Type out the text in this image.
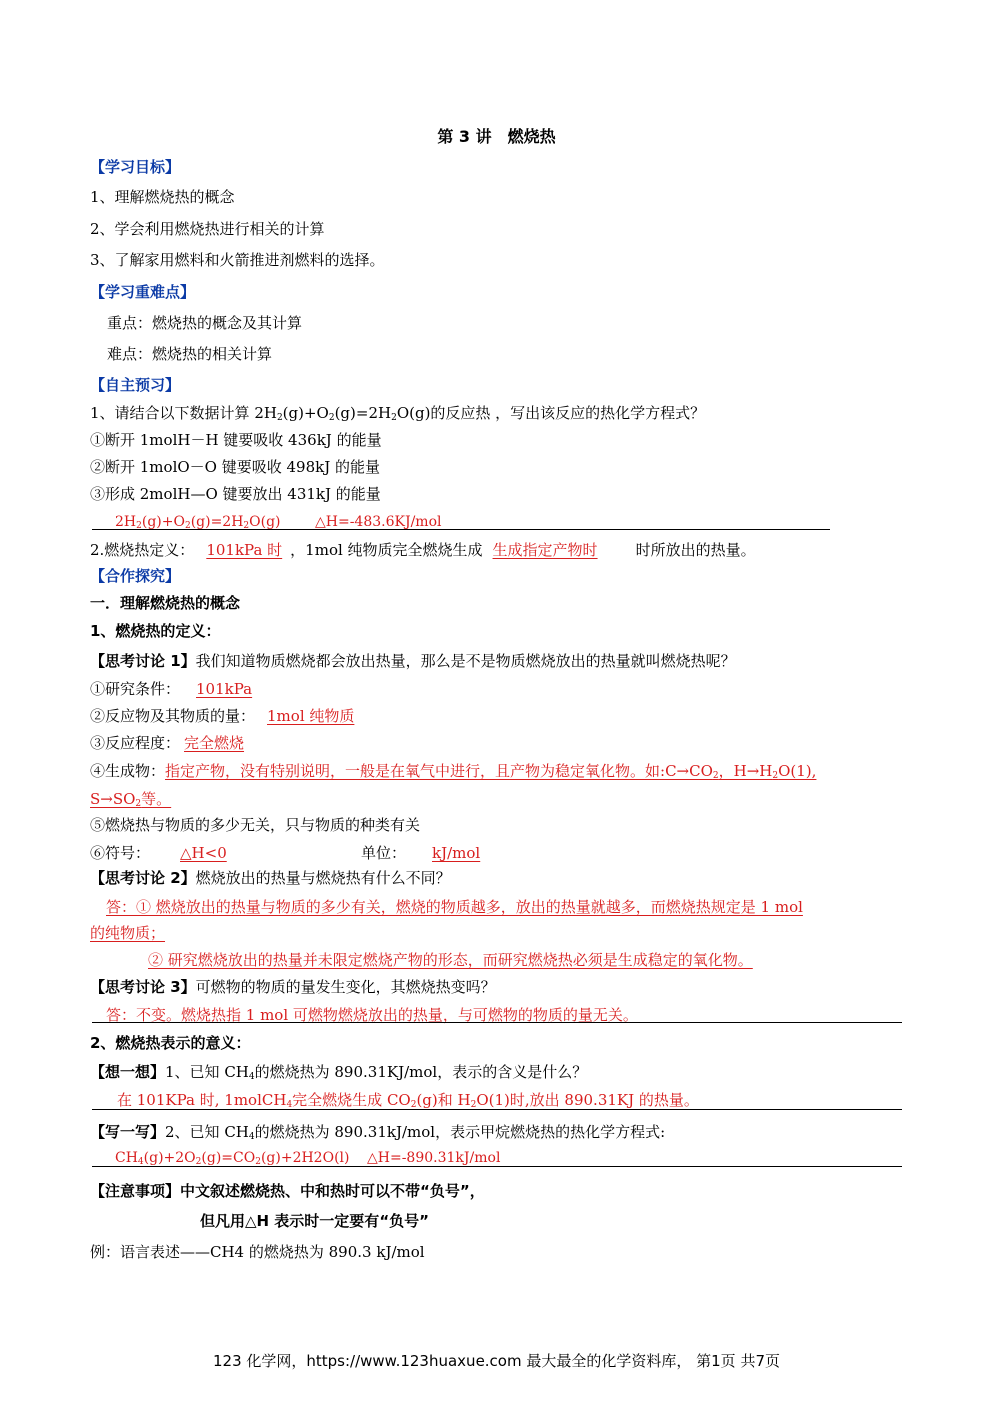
第 3 讲　燃烧热
【学习目标】
1、理解燃烧热的概念
2、学会利用燃烧热进行相关的计算
3、了解家用燃料和火箭推进剂燃料的选择。
【学习重难点】
重点：燃烧热的概念及其计算
难点：燃烧热的相关计算
【自主预习】
1、请结合以下数据计算 $2H_2(g)+O_2(g)=2H_2O(g)$的反应热 ，写出该反应的热化学方程式？
①断开 1molH－H 键要吸收 436kJ 的能量
②断开 1molO－O 键要吸收 498kJ 的能量
③形成 2molH—O 键要放出 431kJ 的能量
$2H_2(g)+O_2(g)=2H_2O(g)$ △H=-483.6KJ/mol
2.燃烧热定义： 101kPa 时 ，1mol 纯物质完全燃烧生成 生成指定产物时	时所放出的热量。
【合作探究】
一．理解燃烧热的概念
1、燃烧热的定义：
【思考讨论 1】我们知道物质燃烧都会放出热量，那么是不是物质燃烧放出的热量就叫燃烧热呢？
①研究条件： 101kPa
②反应物及其物质的量： 1mol 纯物质
③反应程度： 完全燃烧
④生成物：指定产物，没有特别说明，一般是在氧气中进行，且产物为稳定氧化物。如$:C\to CO_2$，$H\to H_2O(1)$,
$S\to SO_2$等。
⑤燃烧热与物质的多少无关，只与物质的种类有关
⑥符号： △H<0	单位： kJ/mol
【思考讨论 2】燃烧放出的热量与燃烧热有什么不同？
答：① 燃烧放出的热量与物质的多少有关，燃烧的物质越多，放出的热量就越多，而燃烧热规定是 1 mol
的纯物质；
② 研究燃烧放出的热量并未限定燃烧产物的形态，而研究燃烧热必须是生成稳定的氧化物。
【思考讨论 3】可燃物的物质的量发生变化，其燃烧热变吗？
答：不变。燃烧热指 1 mol 可燃物燃烧放出的热量，与可燃物的物质的量无关。
2、燃烧热表示的意义：
【想一想】1、已知 $CH_4$的燃烧热为 890.31KJ/mol，表示的含义是什么？
在 101KPa 时, 1molCH$_4$完全燃烧生成 $CO_2(g)$和 $H_2O(1)$时,放出 890.31KJ 的热量。
【写一写】2、已知 $CH_4$的燃烧热为 890.31kJ/mol，表示甲烷燃烧热的热化学方程式:
$CH_4(g)+2O_2(g)=CO_2(g)+2H2O(l)$ △H=-890.31kJ/mol
【注意事项】中文叙述燃烧热、中和热时可以不带“负号”，
但凡用△H 表示时一定要有“负号”
例：语言表述——CH4 的燃烧热为 890.3 kJ/mol
123 化学网，https://www.123huaxue.com 最大最全的化学资料库， 第1页 共7页
